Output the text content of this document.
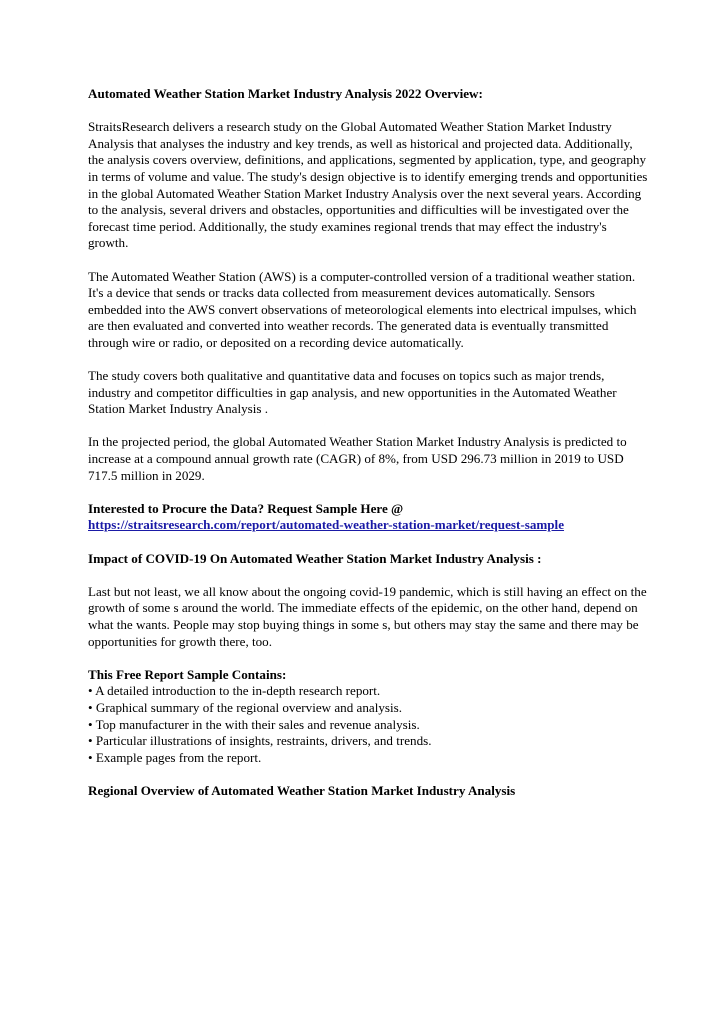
Automated Weather Station Market Industry Analysis 2022 Overview:

StraitsResearch delivers a research study on the Global Automated Weather Station Market Industry Analysis that analyses the industry and key trends, as well as historical and projected data. Additionally, the analysis covers overview, definitions, and applications, segmented by application, type, and geography in terms of volume and value. The study's design objective is to identify emerging trends and opportunities in the global Automated Weather Station Market Industry Analysis over the next several years. According to the analysis, several drivers and obstacles, opportunities and difficulties will be investigated over the forecast time period. Additionally, the study examines regional trends that may effect the industry's growth.

The Automated Weather Station (AWS) is a computer-controlled version of a traditional weather station. It's a device that sends or tracks data collected from measurement devices automatically. Sensors embedded into the AWS convert observations of meteorological elements into electrical impulses, which are then evaluated and converted into weather records. The generated data is eventually transmitted through wire or radio, or deposited on a recording device automatically.

The study covers both qualitative and quantitative data and focuses on topics such as major trends, industry and competitor difficulties in gap analysis, and new opportunities in the Automated Weather Station Market Industry Analysis .

In the projected period, the global Automated Weather Station Market Industry Analysis is predicted to increase at a compound annual growth rate (CAGR) of 8%, from USD 296.73 million in 2019 to USD 717.5 million in 2029.

Interested to Procure the Data? Request Sample Here @

https://straitsresearch.com/report/automated-weather-station-market/request-sample

Impact of COVID-19 On Automated Weather Station Market Industry Analysis :

Last but not least, we all know about the ongoing covid-19 pandemic, which is still having an effect on the growth of some s around the world. The immediate effects of the epidemic, on the other hand, depend on what the wants. People may stop buying things in some s, but others may stay the same and there may be opportunities for growth there, too.

This Free Report Sample Contains:

• A detailed introduction to the in-depth research report.

• Graphical summary of the regional overview and analysis.

• Top manufacturer in the with their sales and revenue analysis.

• Particular illustrations of insights, restraints, drivers, and trends.

• Example pages from the report.

Regional Overview of Automated Weather Station Market Industry Analysis
